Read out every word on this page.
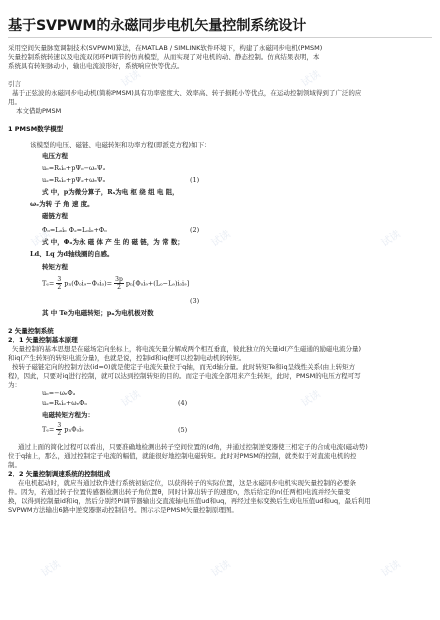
基于SVPWM的永磁同步电机矢量控制系统设计
采用空间矢量脉宽调制技术(SVPWM)算法，在MATLAB / SIMLINK软件环境下，构建了永磁同步电机(PMSM)
矢量控制系统转速以及电流双闭环PI调节的仿真模型，从而实现了对电机的动、静态控制。仿真结果表明，本
系统具有转矩脉动小，输出电流波形好，系统响应快等优点。
引言
基于正弦波的永磁同步电动机(简称PMSM)具有功率密度大、效率高、转子损耗小等优点，在运动控制领域得到了广泛的应
用。
本文借助PMSM
1 PMSM数学模型
该模型的电压、磁链、电磁转矩和功率方程(即派克方程)如下：
电压方程
uₒ=Rₛiₒ+pΨₒ−ωₑΨₔ
uₔ=Rₛiₔ+pΨₔ+ωₑΨₒ	(1)
式 中，p为微分算子，Rₛ为电 枢 绕 组 电 阻，
ωₑ为转 子 角 速 度。
磁链方程
Φₒ=Lₒiₒ Φₔ=Lₒiₒ+Φₒ	(2)
式 中，Φₒ为永 磁 体 产 生 的 磁 链，为 常 数；
Ld、Lq 为d轴线圈的自感。
转矩方程
$T_e= \frac{3}{2}$ pₙ(Φₒiₔ−Φₔiₒ)= $\frac{3p}{2}$ pₙ[Φₒiₔ+(Lₒ−Lₔ)iₒiₔ]
(3)
其 中 Te为电磁转矩；pₙ为电机极对数
2 矢量控制系统
2．1 矢量控制基本原理
矢量控制的基本思想是在磁场定向坐标上，将电流矢量分解成两个相互垂直，彼此独立的矢量id(产生磁通的励磁电流分量)
和iq(产生转矩的转矩电流分量)，也就是说，控制id和iq便可以控制电动机的转矩。
按转子磁链定向的控制方法(id=0)就是使定子电流矢量位于q轴，而无d轴分量。此时转矩Te和iq呈线性关系(由上转矩方
程)，因此，只要对iq进行控制，就可以达到控制转矩的目的。而定子电流全部用来产生转矩，此时，PMSM的电压方程可写
为：
uₒ=−ωₑΦₔ
uₔ=Rₛiₔ+ωₑΦₒ	(4)
电磁转矩方程为：
$T_e= \frac{3}{2}$ pₙΦₒiₔ	(5)
通过上面的简化过程可以看出，只要准确地检测出转子空间位置的(d角，并通过控制逆变器使三相定子的合成电流(磁动势)
位于q轴上，那么，通过控制定子电流的幅值，就能很好地控制电磁转矩。此时对PMSM的控制，就类似于对直流电机的控
制。
2．2 矢量控制调速系统的控制组成
在电机起动时，就应当通过软件进行系统初始定位，以获得转子的实际位置，这是永磁同步电机实现矢量控制的必要条
件。因为，若通过转子位置传感器检测出转子角位置θ，同时计算出转子的速度n，然后给定的n(任两相)电流并经矢量变
换，以得到控制量id和iq，然后分别经PI调节器输出交直流轴电压值ud和uq，再经过坐标变换后生成电压值ud和uq，最后利用
SVPWM方法输出6路中逆变器驱动控制信号。图示示是PMSM矢量控制原理图。
试读	试读
试读	试读	试读
试读	试读
试读	试读	试读
